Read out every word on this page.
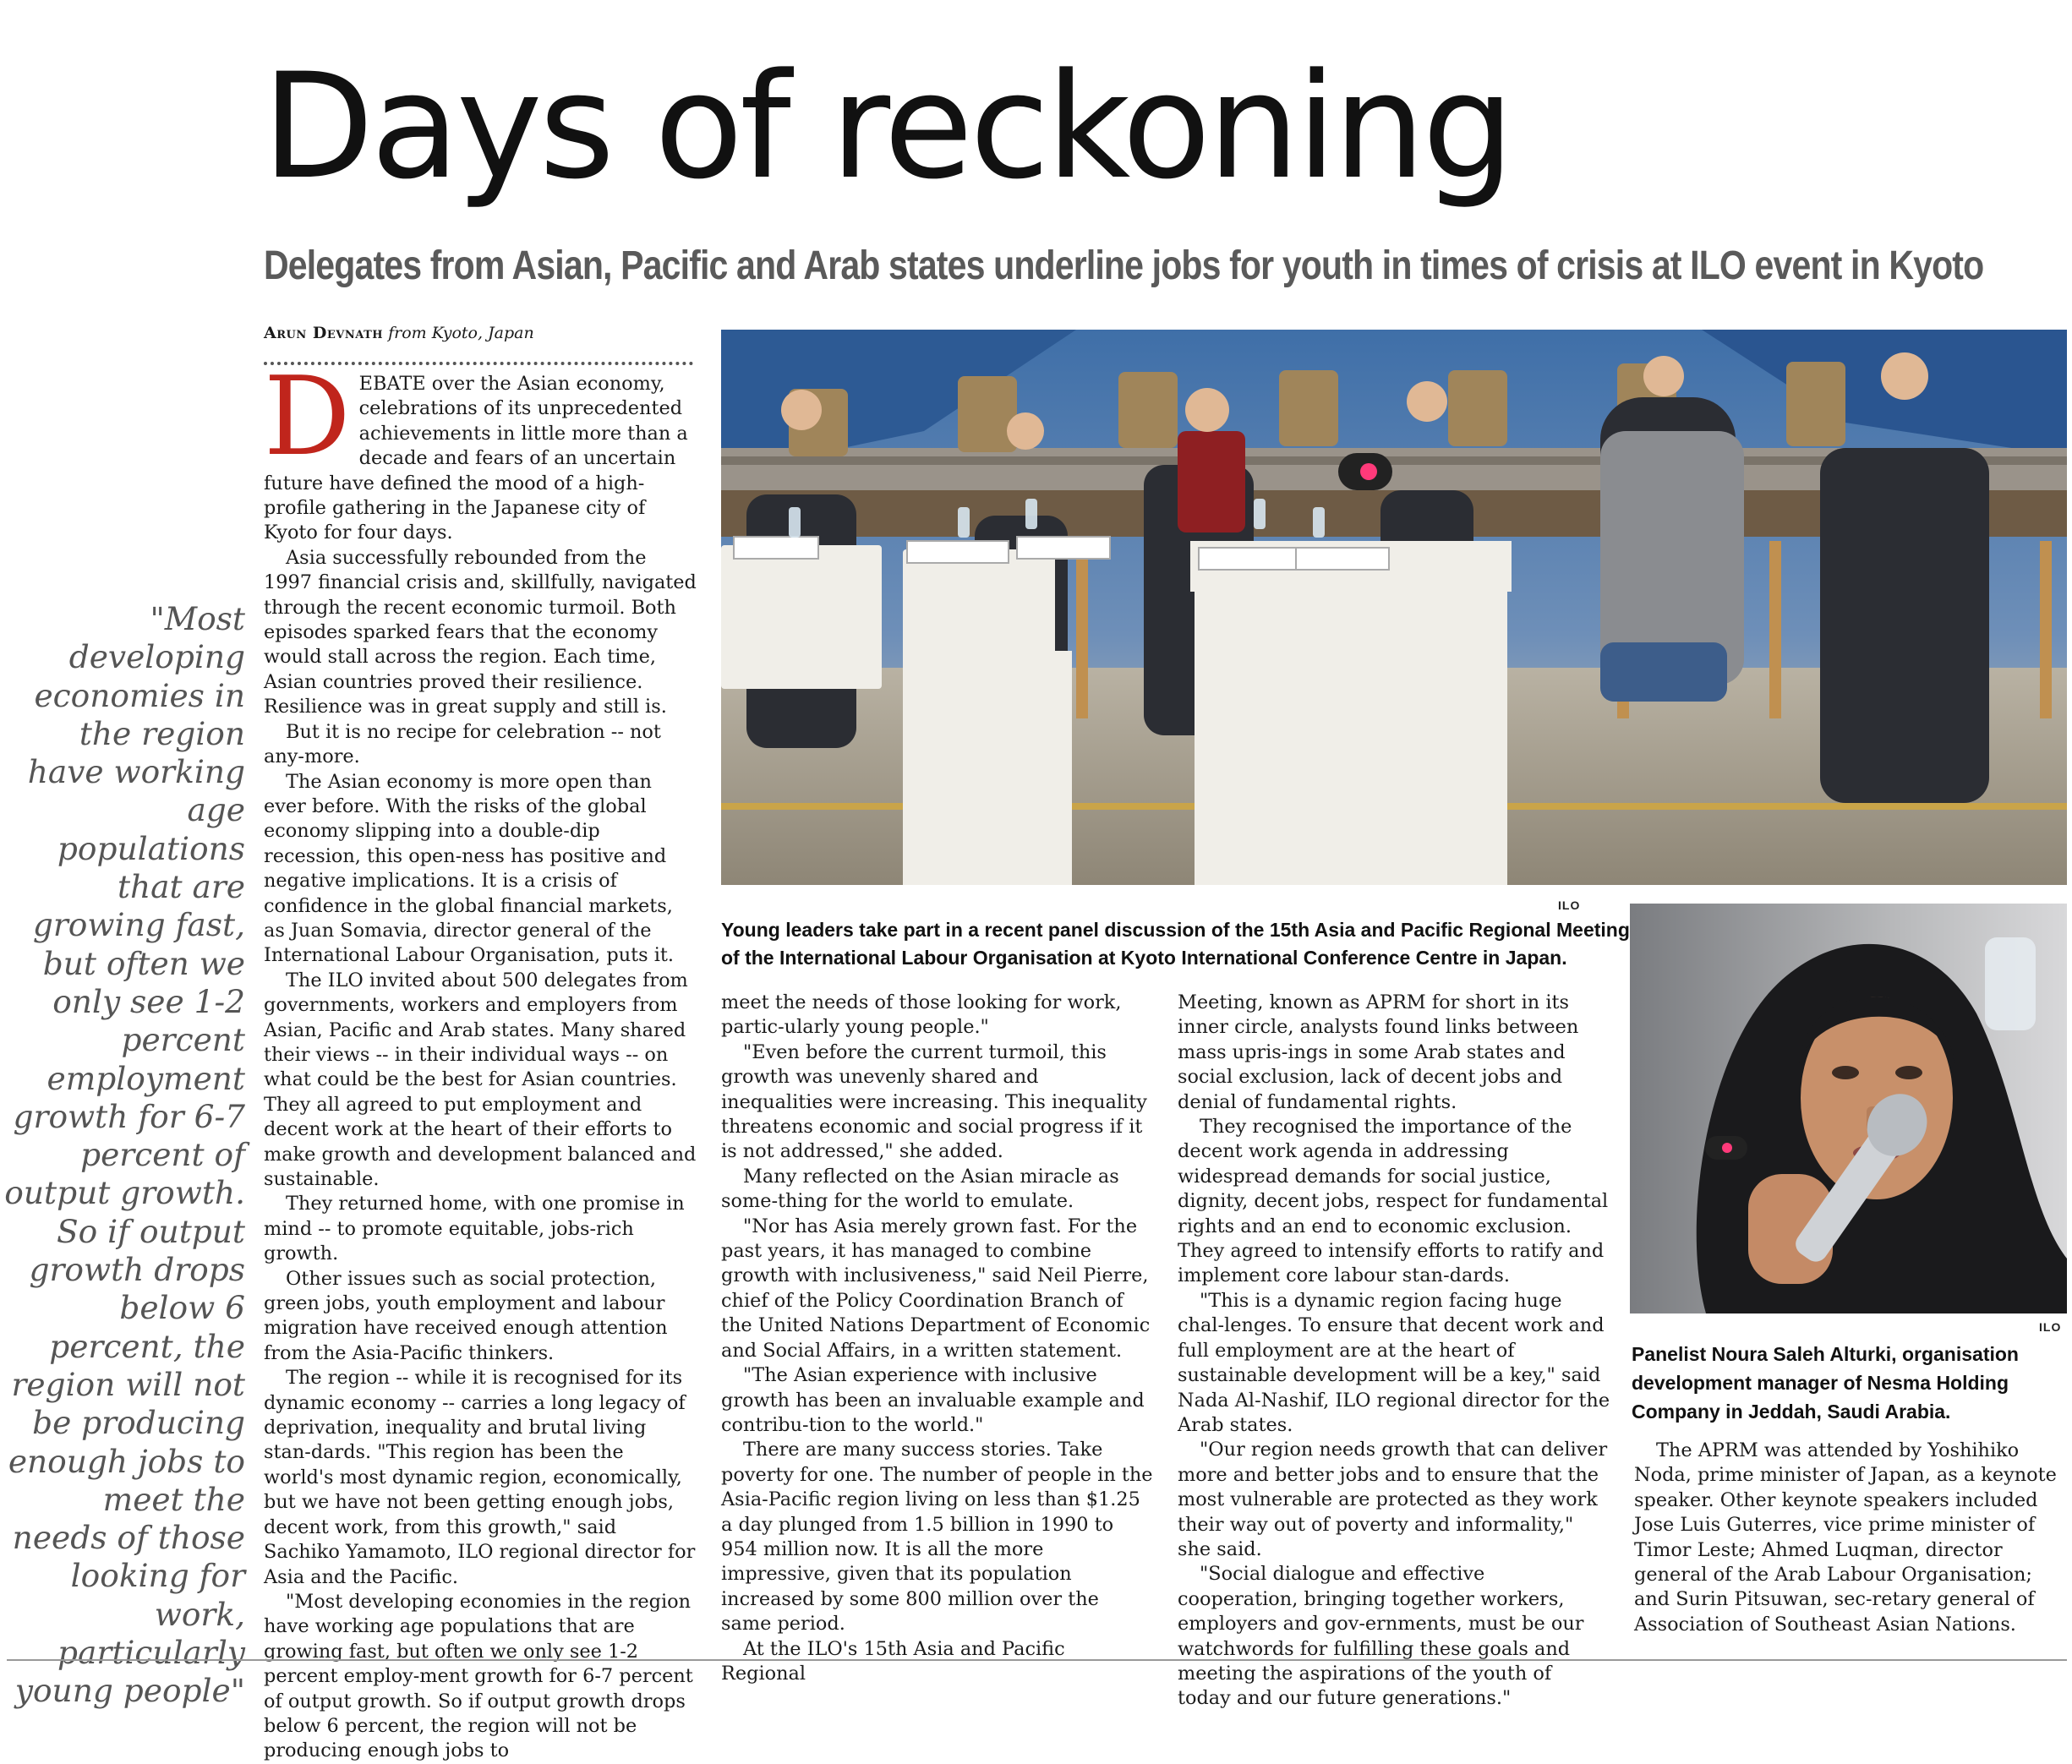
Days of reckoning
Delegates from Asian, Pacific and Arab states underline jobs for youth in times of crisis at ILO event in Kyoto
Arun Devnath from Kyoto, Japan
"Most developing economies in the region have working age populations that are growing fast, but often we only see 1-2 percent employment growth for 6-7 percent of output growth. So if output growth drops below 6 percent, the region will not be producing enough jobs to meet the needs of those looking for work, particularly young people"
D EBATE over the Asian economy, celebrations of its unprecedented achievements in little more than a decade and fears of an uncertain future have defined the mood of a high-profile gathering in the Japanese city of Kyoto for four days.

Asia successfully rebounded from the 1997 financial crisis and, skillfully, navigated through the recent economic turmoil. Both episodes sparked fears that the economy would stall across the region. Each time, Asian countries proved their resilience. Resilience was in great supply and still is.

But it is no recipe for celebration -- not any-more.

The Asian economy is more open than ever before. With the risks of the global economy slipping into a double-dip recession, this open-ness has positive and negative implications. It is a crisis of confidence in the global financial markets, as Juan Somavia, director general of the International Labour Organisation, puts it.

The ILO invited about 500 delegates from governments, workers and employers from Asian, Pacific and Arab states. Many shared their views -- in their individual ways -- on what could be the best for Asian countries. They all agreed to put employment and decent work at the heart of their efforts to make growth and development balanced and sustainable.

They returned home, with one promise in mind -- to promote equitable, jobs-rich growth.

Other issues such as social protection, green jobs, youth employment and labour migration have received enough attention from the Asia-Pacific thinkers.

The region -- while it is recognised for its dynamic economy -- carries a long legacy of deprivation, inequality and brutal living stan-dards. "This region has been the world's most dynamic region, economically, but we have not been getting enough jobs, decent work, from this growth," said Sachiko Yamamoto, ILO regional director for Asia and the Pacific.

"Most developing economies in the region have working age populations that are growing fast, but often we only see 1-2 percent employ-ment growth for 6-7 percent of output growth. So if output growth drops below 6 percent, the region will not be producing enough jobs to

ILO
Young leaders take part in a recent panel discussion of the 15th Asia and Pacific Regional Meeting of the International Labour Organisation at Kyoto International Conference Centre in Japan.

meet the needs of those looking for work, partic-ularly young people."

"Even before the current turmoil, this growth was unevenly shared and inequalities were increasing. This inequality threatens economic and social progress if it is not addressed," she added.

Many reflected on the Asian miracle as some-thing for the world to emulate.

"Nor has Asia merely grown fast. For the past years, it has managed to combine growth with inclusiveness," said Neil Pierre, chief of the Policy Coordination Branch of the United Nations Department of Economic and Social Affairs, in a written statement.

"The Asian experience with inclusive growth has been an invaluable example and contribu-tion to the world."

There are many success stories. Take poverty for one. The number of people in the Asia-Pacific region living on less than $1.25 a day plunged from 1.5 billion in 1990 to 954 million now. It is all the more impressive, given that its population increased by some 800 million over the same period.

At the ILO's 15th Asia and Pacific Regional

Meeting, known as APRM for short in its inner circle, analysts found links between mass upris-ings in some Arab states and social exclusion, lack of decent jobs and denial of fundamental rights.

They recognised the importance of the decent work agenda in addressing widespread demands for social justice, dignity, decent jobs, respect for fundamental rights and an end to economic exclusion. They agreed to intensify efforts to ratify and implement core labour stan-dards.

"This is a dynamic region facing huge chal-lenges. To ensure that decent work and full employment are at the heart of sustainable development will be a key," said Nada Al-Nashif, ILO regional director for the Arab states.

"Our region needs growth that can deliver more and better jobs and to ensure that the most vulnerable are protected as they work their way out of poverty and informality," she said.

"Social dialogue and effective cooperation, bringing together workers, employers and gov-ernments, must be our watchwords for fulfilling these goals and meeting the aspirations of the youth of today and our future generations."

ILO
Panelist Noura Saleh Alturki, organisation development manager of Nesma Holding Company in Jeddah, Saudi Arabia.

The APRM was attended by Yoshihiko Noda, prime minister of Japan, as a keynote speaker. Other keynote speakers included Jose Luis Guterres, vice prime minister of Timor Leste; Ahmed Luqman, director general of the Arab Labour Organisation; and Surin Pitsuwan, sec-retary general of Association of Southeast Asian Nations.
